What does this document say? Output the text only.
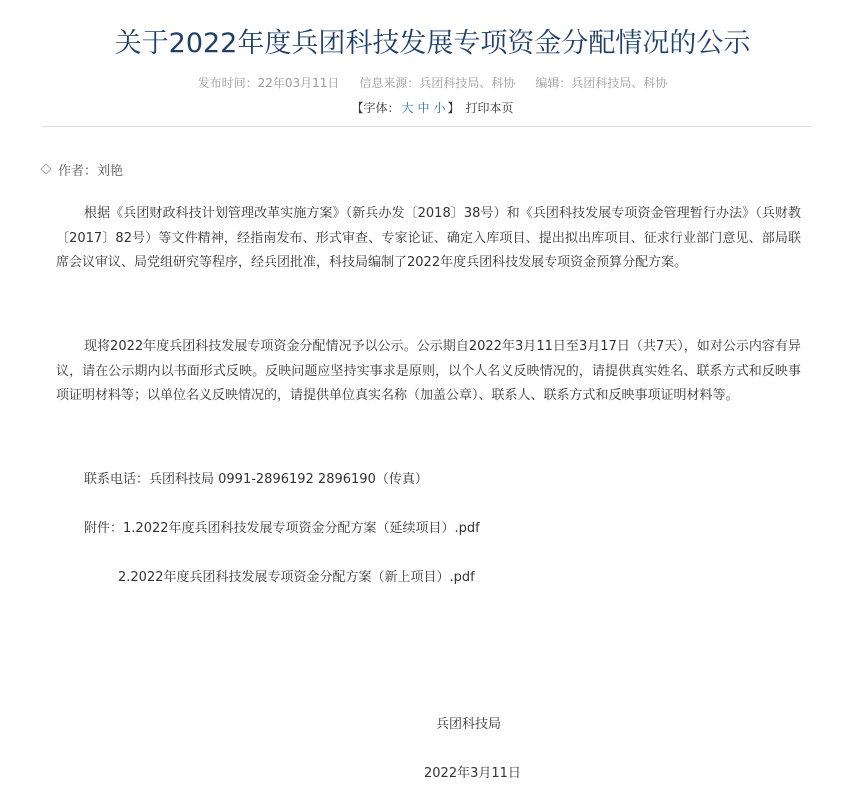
关于2022年度兵团科技发展专项资金分配情况的公示
发布时间：22年03月11日 信息来源：兵团科技局、科协 编辑：兵团科技局、科协
【字体： 大 中 小 】 打印本页
作者：刘艳

根据《兵团财政科技计划管理改革实施方案》（新兵办发〔2018〕38号）和《兵团科技发展专项资金管理暂行办法》（兵财教〔2017〕82号）等文件精神，经指南发布、形式审查、专家论证、确定入库项目、提出拟出库项目、征求行业部门意见、部局联席会议审议、局党组研究等程序，经兵团批准，科技局编制了2022年度兵团科技发展专项资金预算分配方案。

现将2022年度兵团科技发展专项资金分配情况予以公示。公示期自2022年3月11日至3月17日（共7天），如对公示内容有异议，请在公示期内以书面形式反映。反映问题应坚持实事求是原则，以个人名义反映情况的，请提供真实姓名、联系方式和反映事项证明材料等；以单位名义反映情况的，请提供单位真实名称（加盖公章）、联系人、联系方式和反映事项证明材料等。

联系电话：兵团科技局 0991-2896192 2896190（传真）
附件：1.2022年度兵团科技发展专项资金分配方案（延续项目）.pdf
2.2022年度兵团科技发展专项资金分配方案（新上项目）.pdf
兵团科技局
2022年3月11日
